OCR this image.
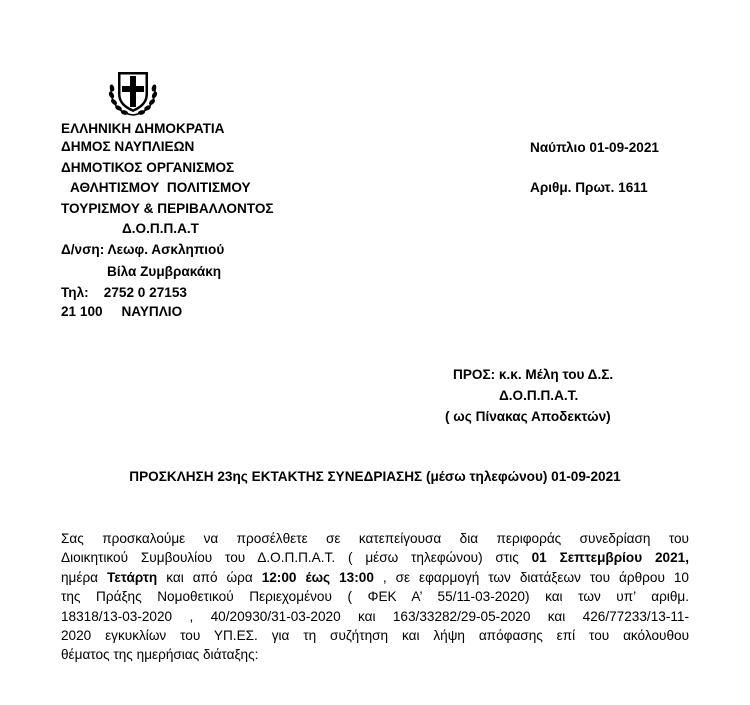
ΕΛΛΗΝΙΚΗ ΔΗΜΟΚΡΑΤΙΑ
ΔΗΜΟΣ ΝΑΥΠΛΙΕΩΝ
ΔΗΜΟΤΙΚΟΣ ΟΡΓΑΝΙΣΜΟΣ
ΑΘΛΗΤΙΣΜΟΥ  ΠΟΛΙΤΙΣΜΟΥ
ΤΟΥΡΙΣΜΟΥ & ΠΕΡΙΒΑΛΛΟΝΤΟΣ
Δ.Ο.Π.Π.Α.Τ
Δ/νση: Λεωφ. Ασκληπιού
Βίλα Ζυμβρακάκη
Τηλ:    2752 0 27153
21 100     ΝΑΥΠΛΙΟ
Ναύπλιο 01-09-2021
Αριθμ. Πρωτ. 1611
ΠΡΟΣ: κ.κ. Μέλη του Δ.Σ.
Δ.Ο.Π.Π.Α.Τ.
( ως Πίνακας Αποδεκτών)
ΠΡΟΣΚΛΗΣΗ 23ης ΕΚΤΑΚΤΗΣ ΣΥΝΕΔΡΙΑΣΗΣ (μέσω τηλεφώνου) 01-09-2021
Σας προσκαλούμε να προσέλθετε σε κατεπείγουσα δια περιφοράς συνεδρίαση του
Διοικητικού Συμβουλίου του Δ.Ο.Π.Π.Α.Τ. ( μέσω τηλεφώνου) στις 01 Σεπτεμβρίου 2021,
ημέρα Τετάρτη και από ώρα 12:00 έως 13:00 , σε εφαρμογή των διατάξεων του άρθρου 10
της Πράξης Νομοθετικού Περιεχομένου ( ΦΕΚ Α’ 55/11-03-2020) και των υπ’ αριθμ.
18318/13-03-2020 , 40/20930/31-03-2020 και 163/33282/29-05-2020 και 426/77233/13-11-
2020 εγκυκλίων του ΥΠ.ΕΣ. για τη συζήτηση και λήψη απόφασης επί του ακόλουθου
θέματος της ημερήσιας διάταξης:
